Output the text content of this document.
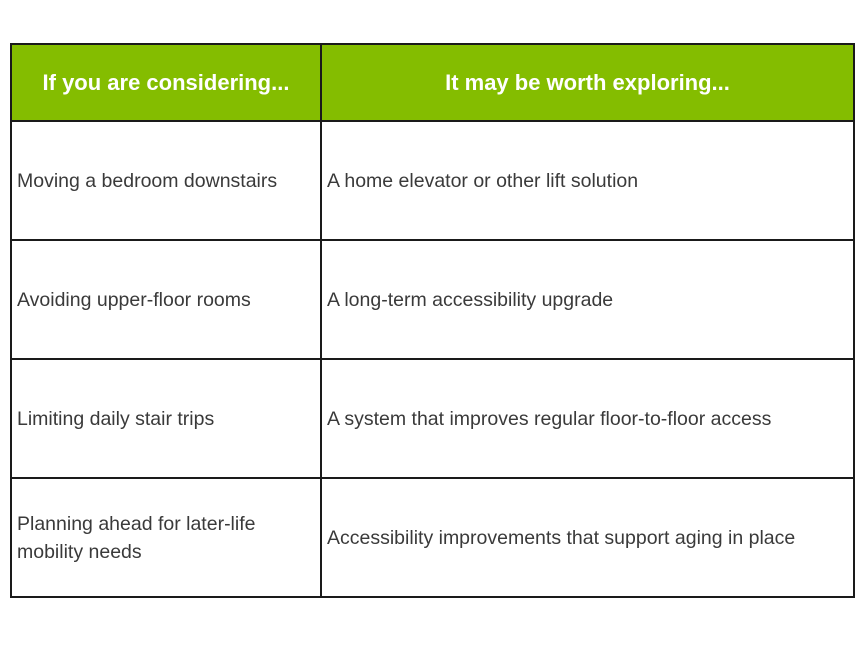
If you are considering...	It may be worth exploring...
Moving a bedroom downstairs	A home elevator or other lift solution
Avoiding upper-floor rooms	A long-term accessibility upgrade
Limiting daily stair trips	A system that improves regular floor-to-floor access
Planning ahead for later-life mobility needs	Accessibility improvements that support aging in place
